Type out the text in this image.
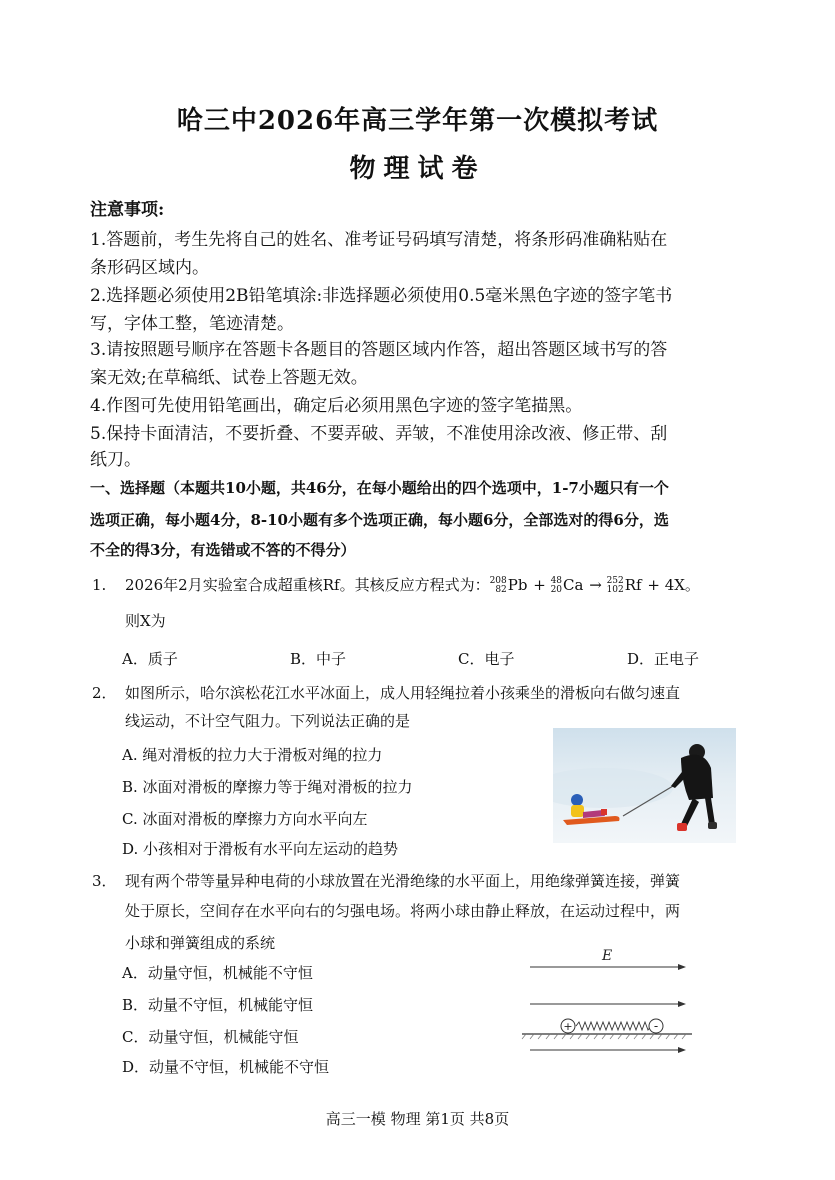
哈三中2026年高三学年第一次模拟考试
物理试卷
注意事项:
1.答题前，考生先将自己的姓名、准考证号码填写清楚，将条形码准确粘贴在
条形码区域内。
2.选择题必须使用2B铅笔填涂:非选择题必须使用0.5毫米黑色字迹的签字笔书
写，字体工整，笔迹清楚。
3.请按照题号顺序在答题卡各题目的答题区域内作答，超出答题区域书写的答
案无效;在草稿纸、试卷上答题无效。
4.作图可先使用铅笔画出，确定后必须用黑色字迹的签字笔描黑。
5.保持卡面清洁，不要折叠、不要弄破、弄皱，不准使用涂改液、修正带、刮
纸刀。
一、选择题（本题共10小题，共46分，在每小题给出的四个选项中，1-7小题只有一个
选项正确，每小题4分，8-10小题有多个选项正确，每小题6分，全部选对的得6分，选
不全的得3分，有选错或不答的不得分）
1. 2026年2月实验室合成超重核Rf。其核反应方程式为： 208
82 Pb + 48
20 Ca → 252
102 Rf + 4X。
则X为
A．质子	B．中子	C．电子	D．正电子
2． 如图所示，哈尔滨松花江水平冰面上，成人用轻绳拉着小孩乘坐的滑板向右做匀速直
线运动，不计空气阻力。下列说法正确的是
A. 绳对滑板的拉力大于滑板对绳的拉力
B. 冰面对滑板的摩擦力等于绳对滑板的拉力
C. 冰面对滑板的摩擦力方向水平向左
D. 小孩相对于滑板有水平向左运动的趋势
3． 现有两个带等量异种电荷的小球放置在光滑绝缘的水平面上，用绝缘弹簧连接，弹簧
处于原长，空间存在水平向右的匀强电场。将两小球由静止释放，在运动过程中，两
小球和弹簧组成的系统
A．动量守恒，机械能不守恒
B．动量不守恒，机械能守恒
C．动量守恒，机械能守恒
D．动量不守恒，机械能不守恒
E
+	-
高三一模 物理 第1页 共8页
